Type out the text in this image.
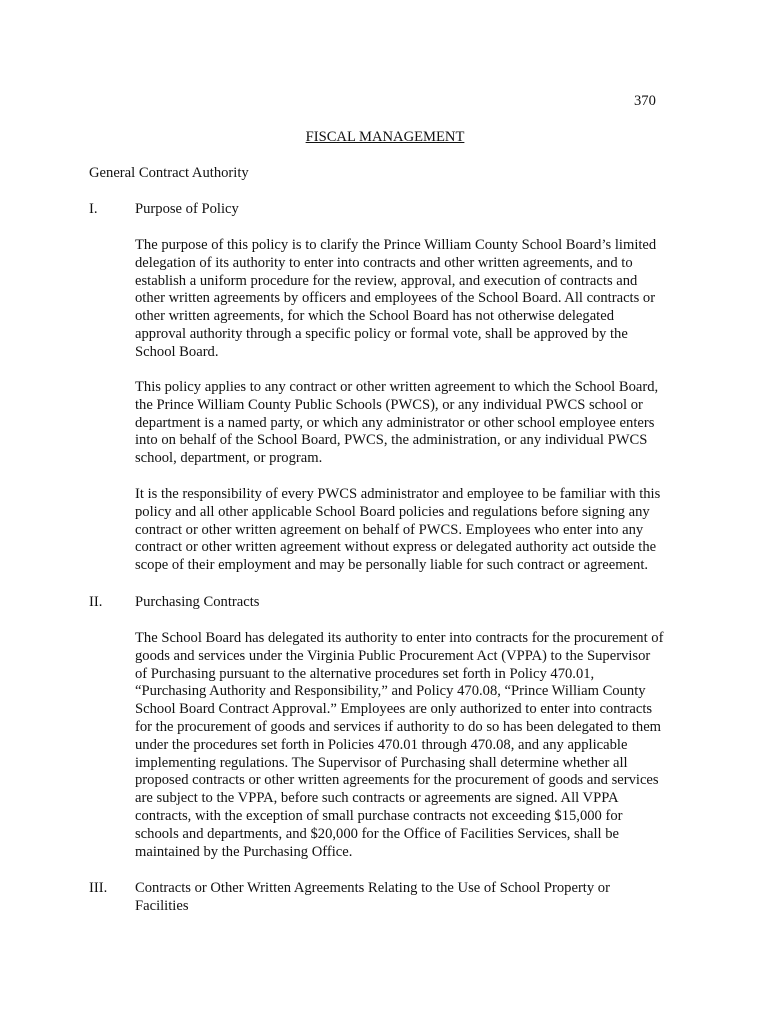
370
FISCAL MANAGEMENT
General Contract Authority
I.	Purpose of Policy

The purpose of this policy is to clarify the Prince William County School Board’s limited
delegation of its authority to enter into contracts and other written agreements, and to
establish a uniform procedure for the review, approval, and execution of contracts and
other written agreements by officers and employees of the School Board. All contracts or
other written agreements, for which the School Board has not otherwise delegated
approval authority through a specific policy or formal vote, shall be approved by the
School Board.

This policy applies to any contract or other written agreement to which the School Board,
the Prince William County Public Schools (PWCS), or any individual PWCS school or
department is a named party, or which any administrator or other school employee enters
into on behalf of the School Board, PWCS, the administration, or any individual PWCS
school, department, or program.

It is the responsibility of every PWCS administrator and employee to be familiar with this
policy and all other applicable School Board policies and regulations before signing any
contract or other written agreement on behalf of PWCS. Employees who enter into any
contract or other written agreement without express or delegated authority act outside the
scope of their employment and may be personally liable for such contract or agreement.

II. Purchasing Contracts

The School Board has delegated its authority to enter into contracts for the procurement of
goods and services under the Virginia Public Procurement Act (VPPA) to the Supervisor
of Purchasing pursuant to the alternative procedures set forth in Policy 470.01,
“Purchasing Authority and Responsibility,” and Policy 470.08, “Prince William County
School Board Contract Approval.” Employees are only authorized to enter into contracts
for the procurement of goods and services if authority to do so has been delegated to them
under the procedures set forth in Policies 470.01 through 470.08, and any applicable
implementing regulations. The Supervisor of Purchasing shall determine whether all
proposed contracts or other written agreements for the procurement of goods and services
are subject to the VPPA, before such contracts or agreements are signed. All VPPA
contracts, with the exception of small purchase contracts not exceeding $15,000 for
schools and departments, and $20,000 for the Office of Facilities Services, shall be
maintained by the Purchasing Office.

III. Contracts or Other Written Agreements Relating to the Use of School Property or
Facilities
